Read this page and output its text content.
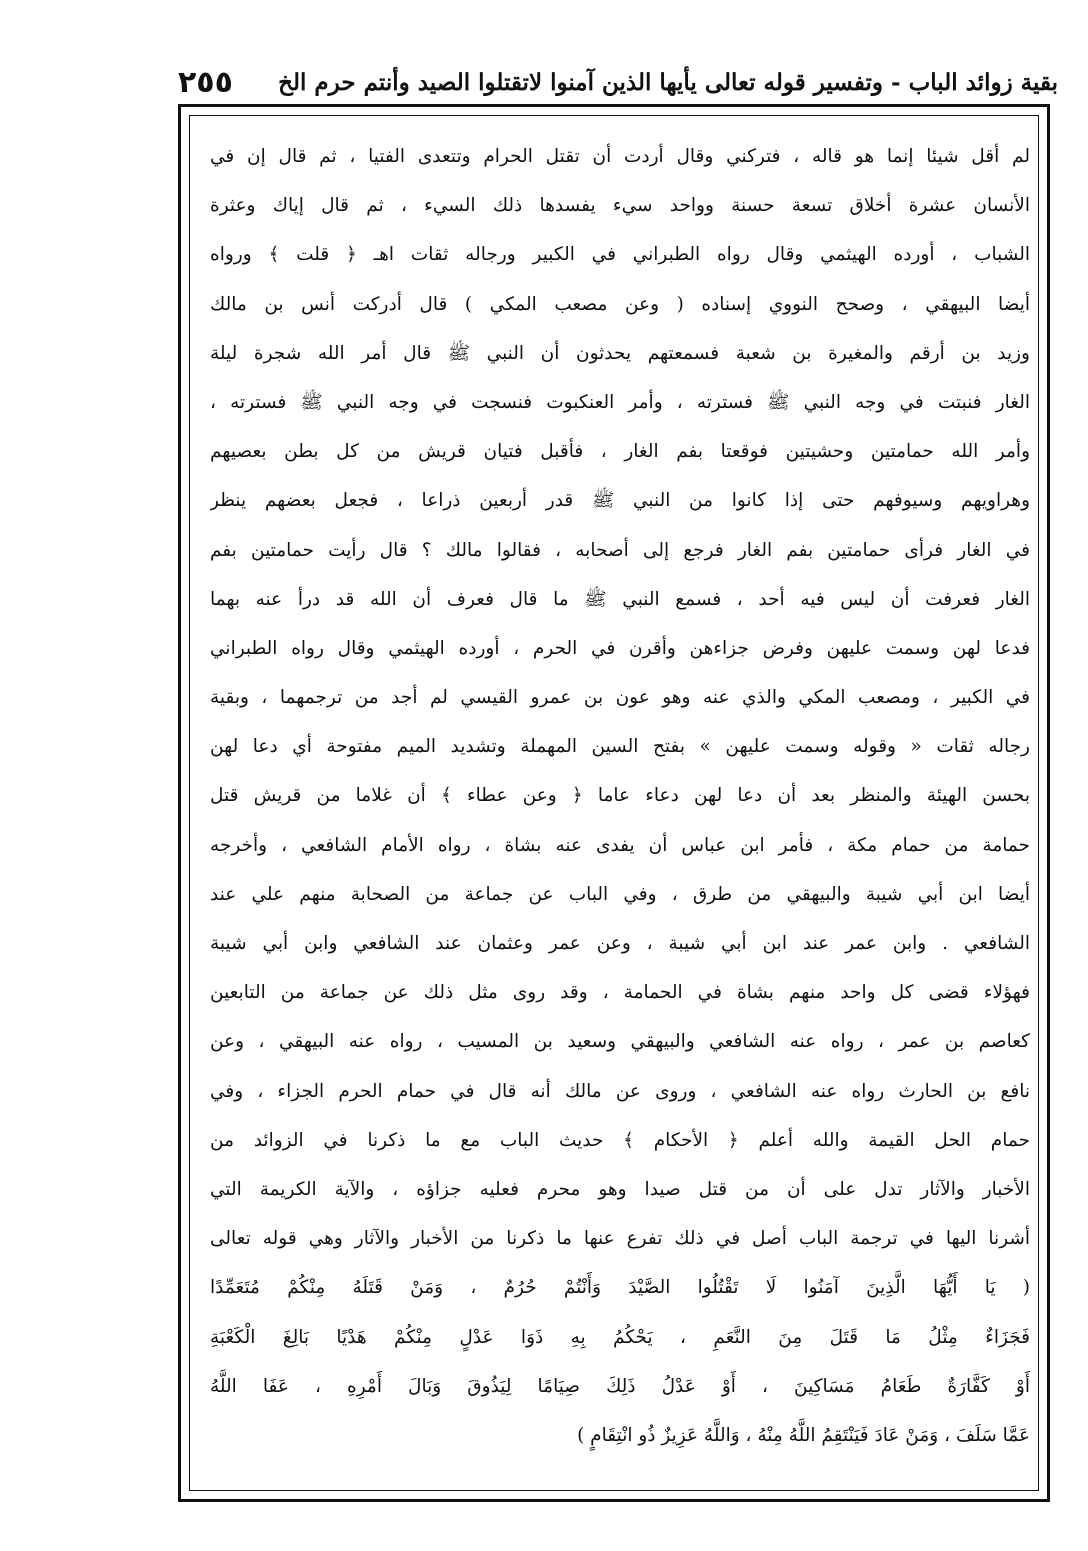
بقية زوائد الباب - وتفسير قوله تعالى يأيها الذين آمنوا لاتقتلوا الصيد وأنتم حرم الخ
٢٥٥
لم أقل شيئا إنما هو قاله ، فتركني وقال أردت أن تقتل الحرام وتتعدى الفتيا ، ثم قال إن في
الأنسان عشرة أخلاق تسعة حسنة وواحد سيء يفسدها ذلك السيء ، ثم قال إياك وعثرة
الشباب ، أورده الهيثمي وقال رواه الطبراني في الكبير ورجاله ثقات اهـ ﴿ قلت ﴾ ورواه
أيضا البيهقي ، وصحح النووي إسناده ( وعن مصعب المكي ) قال أدركت أنس بن مالك
وزيد بن أرقم والمغيرة بن شعبة فسمعتهم يحدثون أن النبي ﷺ قال أمر الله شجرة ليلة
الغار فنبتت في وجه النبي ﷺ فسترته ، وأمر العنكبوت فنسجت في وجه النبي ﷺ فسترته ،
وأمر الله حمامتين وحشيتين فوقعتا بفم الغار ، فأقبل فتيان قريش من كل بطن بعصيهم
وهراويهم وسيوفهم حتى إذا كانوا من النبي ﷺ قدر أربعين ذراعا ، فجعل بعضهم ينظر
في الغار فرأى حمامتين بفم الغار فرجع إلى أصحابه ، فقالوا مالك ؟ قال رأيت حمامتين بفم
الغار فعرفت أن ليس فيه أحد ، فسمع النبي ﷺ ما قال فعرف أن الله قد درأ عنه بهما
فدعا لهن وسمت عليهن وفرض جزاءهن وأقرن في الحرم ، أورده الهيثمي وقال رواه الطبراني
في الكبير ، ومصعب المكي والذي عنه وهو عون بن عمرو القيسي لم أجد من ترجمهما ، وبقية
رجاله ثقات « وقوله وسمت عليهن » بفتح السين المهملة وتشديد الميم مفتوحة أي دعا لهن
بحسن الهيئة والمنظر بعد أن دعا لهن دعاء عاما ﴿ وعن عطاء ﴾ أن غلاما من قريش قتل
حمامة من حمام مكة ، فأمر ابن عباس أن يفدى عنه بشاة ، رواه الأمام الشافعي ، وأخرجه
أيضا ابن أبي شيبة والبيهقي من طرق ، وفي الباب عن جماعة من الصحابة منهم علي عند
الشافعي . وابن عمر عند ابن أبي شيبة ، وعن عمر وعثمان عند الشافعي وابن أبي شيبة
فهؤلاء قضى كل واحد منهم بشاة في الحمامة ، وقد روى مثل ذلك عن جماعة من التابعين
كعاصم بن عمر ، رواه عنه الشافعي والبيهقي وسعيد بن المسيب ، رواه عنه البيهقي ، وعن
نافع بن الحارث رواه عنه الشافعي ، وروى عن مالك أنه قال في حمام الحرم الجزاء ، وفي
حمام الحل القيمة والله أعلم ﴿ الأحكام ﴾ حديث الباب مع ما ذكرنا في الزوائد من
الأخبار والآثار تدل على أن من قتل صيدا وهو محرم فعليه جزاؤه ، والآية الكريمة التي
أشرنا اليها في ترجمة الباب أصل في ذلك تفرع عنها ما ذكرنا من الأخبار والآثار وهي قوله تعالى
( يَا أَيُّهَا الَّذِينَ آمَنُوا لَا تَقْتُلُوا الصَّيْدَ وَأَنْتُمْ حُرُمٌ ، وَمَنْ قَتَلَهُ مِنْكُمْ مُتَعَمِّدًا
فَجَزَاءٌ مِثْلُ مَا قَتَلَ مِنَ النَّعَمِ ، يَحْكُمُ بِهِ ذَوَا عَدْلٍ مِنْكُمْ هَدْيًا بَالِغَ الْكَعْبَةِ
أَوْ كَفَّارَةٌ طَعَامُ مَسَاكِينَ ، أَوْ عَدْلُ ذَلِكَ صِيَامًا لِيَذُوقَ وَبَالَ أَمْرِهِ ، عَفَا اللَّهُ
عَمَّا سَلَفَ ، وَمَنْ عَادَ فَيَنْتَقِمُ اللَّهُ مِنْهُ ، وَاللَّهُ عَزِيزٌ ذُو انْتِقَامٍ )
